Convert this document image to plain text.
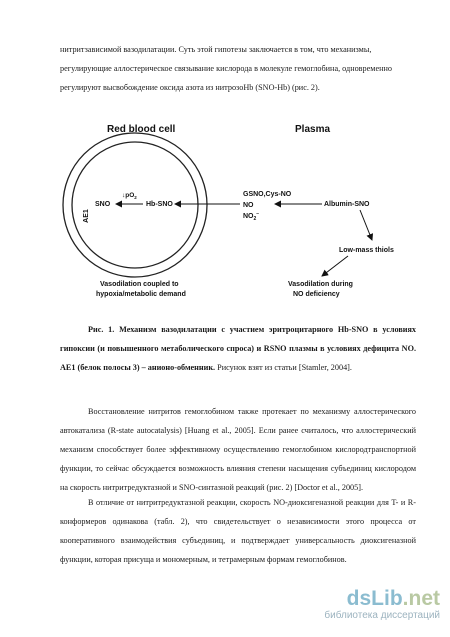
нитритзависимой вазодилатации. Суть этой гипотезы заключается в том, что механизмы, регулирующие аллостерическое связывание кислорода в молекуле гемоглобина, одновременно регулируют высвобождение оксида азота из нитрозоHb (SNO-Hb) (рис. 2).

Red blood cell	Plasma
AE1
SNO
$↓pO_2$
Hb-SNO
GSNO,Cys-NO
NO
$NO_2^-$
Albumin-SNO
Low-mass thiols
Vasodilation coupled to
hypoxia/metabolic demand
Vasodilation during
NO deficiency

Рис. 1. Механизм вазодилатации с участием эритроцитарного Hb-SNO в условиях гипоксии (и повышенного метаболического спроса) и RSNO плазмы в условиях дефицита NO. AE1 (белок полосы 3) – анионо-обменник. Рисунок взят из статьи [Stamler, 2004].

Восстановление нитритов гемоглобином также протекает по механизму аллостерического автокатализа (R-state autocatalysis) [Huang et al., 2005]. Если ранее считалось, что аллостерический механизм способствует более эффективному осуществлению гемоглобином кислородтранспортной функции, то сейчас обсуждается возможность влияния степени насыщения субъединиц кислородом на скорость нитритредуктазной и SNO-синтазной реакций (рис. 2) [Doctor et al., 2005].

В отличие от нитритредуктазной реакции, скорость NO-диоксигеназной реакции для T- и R-конформеров одинакова (табл. 2), что свидетельствует о независимости этого процесса от кооперативного взаимодействия субъединиц, и подтверждает универсальность диоксигеназной функции, которая присуща и мономерным, и тетрамерным формам гемоглобинов.

dsLib.net
библиотека диссертаций
